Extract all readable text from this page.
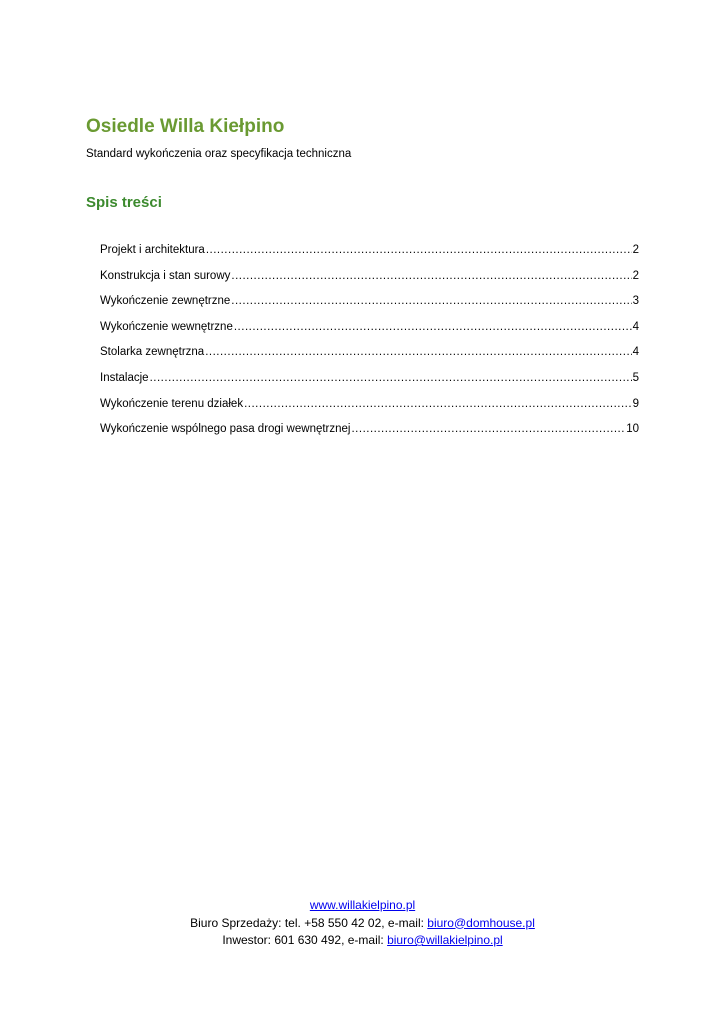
Osiedle Willa Kiełpino

Standard wykończenia oraz specyfikacja techniczna

Spis treści
Projekt i architektura .....	2
Konstrukcja i stan surowy .....	2
Wykończenie zewnętrzne .....	3
Wykończenie wewnętrzne .....	4
Stolarka zewnętrzna .....	4
Instalacje .....	5
Wykończenie terenu działek .....	9
Wykończenie wspólnego pasa drogi wewnętrznej .....	10
www.willakielpino.pl
Biuro Sprzedaży: tel. +58 550 42 02, e-mail: biuro@domhouse.pl
Inwestor: 601 630 492, e-mail: biuro@willakielpino.pl
